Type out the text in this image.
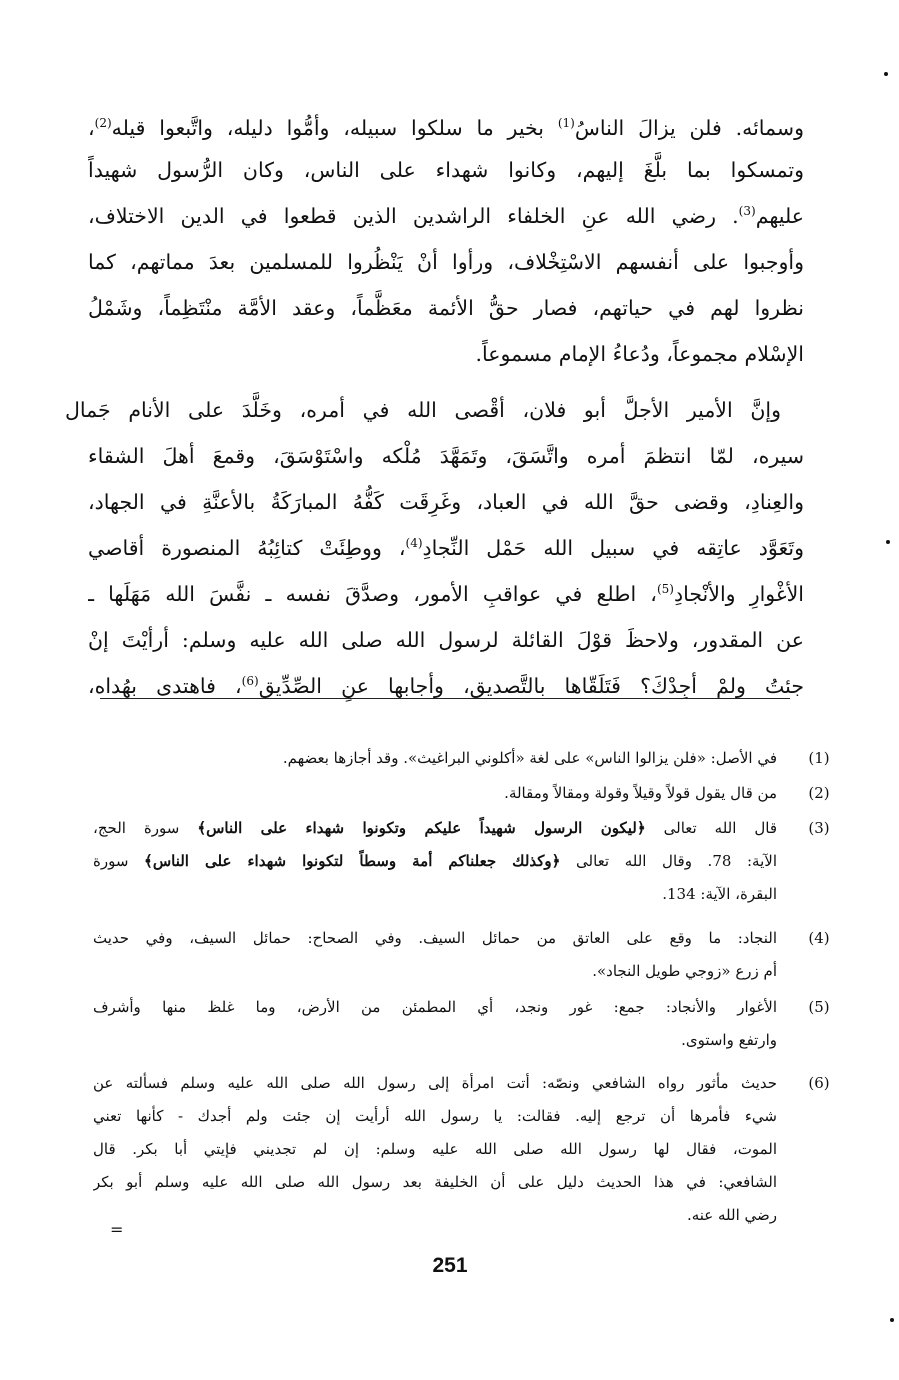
وسمائه. فلن يزالَ الناسُ$^{(1)}$ بخير ما سلكوا سبيله، وأمُّوا دليله، واتَّبعوا قيله$^{(2)}$،
وتمسكوا بما بلَّغَ إليهم، وكانوا شهداء على الناس، وكان الرُّسول شهيداً
عليهم$^{(3)}$. رضي الله عنِ الخلفاء الراشدين الذين قطعوا في الدين الاختلاف،
وأوجبوا على أنفسهم الاسْتِخْلاف، ورأوا أنْ يَنْظُروا للمسلمين بعدَ مماتهم، كما
نظروا لهم في حياتهم، فصار حقُّ الأئمة معَظَّماً، وعقد الأمَّة منْتَظِماً، وشَمْلُ
الإسْلام مجموعاً، ودُعاءُ الإمام مسموعاً.
وإنَّ الأمير الأجلَّ أبو فلان، أقْصى الله في أمره، وخَلَّدَ على الأنام جَمال
سيره، لمّا انتظمَ أمره واتَّسَقَ، وتَمَهَّدَ مُلْكه واسْتَوْسَقَ، وقمعَ أهلَ الشقاء
والعِنادِ، وقضى حقَّ الله في العباد، وغَرِقَت كَفُّهُ المبارَكَةُ بالأعنَّةِ في الجهاد،
وتَعَوَّد عاتِقه في سبيل الله حَمْل النِّجادِ$^{(4)}$، ووطِئَتْ كتائِبُهُ المنصورة أقاصي
الأغْوارِ والأنْجادِ$^{(5)}$، اطلع في عواقبِ الأمور، وصدَّقَ نفسه ـ نفَّسَ الله مَهَلَها ـ
عن المقدور، ولاحظَ قوْلَ القائلة لرسول الله صلى الله عليه وسلم: أرأيْتَ إنْ
جئتُ ولمْ أجِدْكَ؟ فَتَلَقّاها بالتَّصديق، وأجابها عنِ الصِّدِّيق$^{(6)}$، فاهتدى بهُداه،
(1)
في الأصل: «فلن يزالوا الناس» على لغة «أكلوني البراغيث». وقد أجازها بعضهم.
(2)
من قال يقول قولاً وقيلاً وقولة ومقالاً ومقالة.
(3)
قال الله تعالى ﴿ليكون الرسول شهيداً عليكم وتكونوا شهداء على الناس﴾ سورة الحج،
الآية: 78. وقال الله تعالى ﴿وكذلك جعلناكم أمة وسطاً لتكونوا شهداء على الناس﴾ سورة
البقرة، الآية: 134.
(4)
النجاد: ما وقع على العاتق من حمائل السيف. وفي الصحاح: حمائل السيف، وفي حديث
أم زرع «زوجي طويل النجاد».
(5)
الأغوار والأنجاد: جمع: غور ونجد، أي المطمئن من الأرض، وما غلظ منها وأشرف
وارتفع واستوى.
(6)
حديث مأثور رواه الشافعي ونصّه: أتت امرأة إلى رسول الله صلى الله عليه وسلم فسألته عن
شيء فأمرها أن ترجع إليه. فقالت: يا رسول الله أرأيت إن جئت ولم أجدك - كأنها تعني
الموت، فقال لها رسول الله صلى الله عليه وسلم: إن لم تجديني فإيتي أبا بكر. قال
الشافعي: في هذا الحديث دليل على أن الخليفة بعد رسول الله صلى الله عليه وسلم أبو بكر
رضي الله عنه.
=
251
